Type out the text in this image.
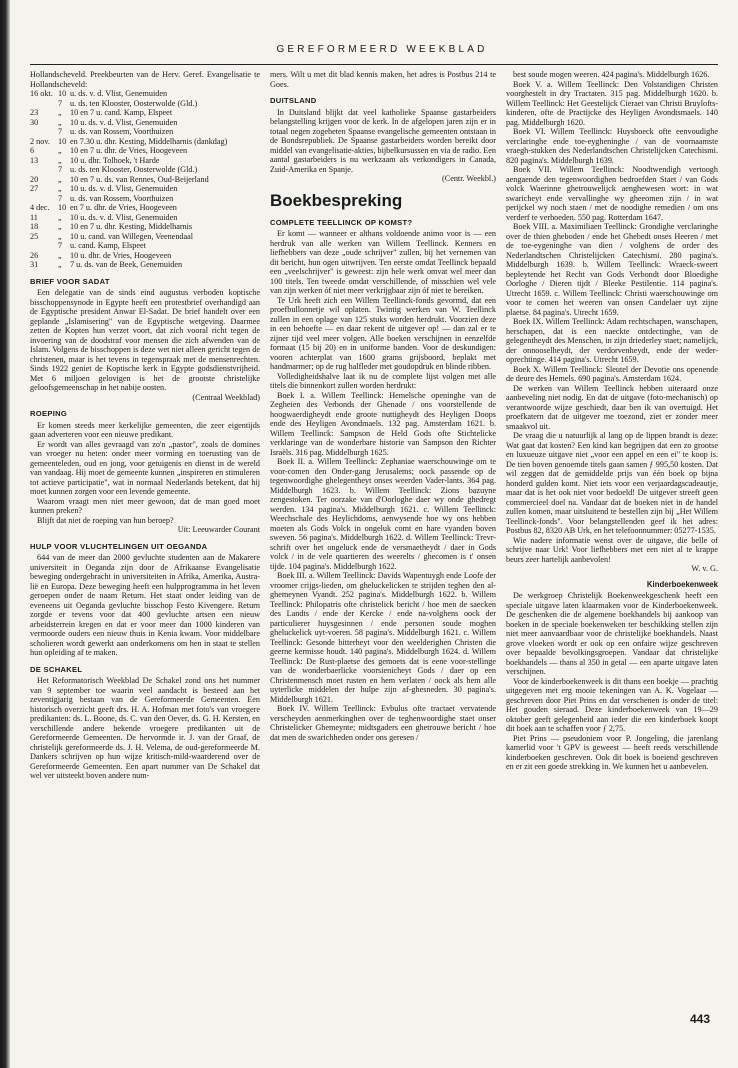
GEREFORMEERD WEEKBLAD

Hollandscheveld. Preekbeurten van de Herv. Geref. Evangelisatie te Hollandscheveld:

16 okt.	10	u. ds. v. d. Vlist, Genemuiden
	7	u. ds. ten Klooster, Oosterwolde (Gld.)
23	„	10 en 7 u. cand. Kamp, Elspeet
30	„	10 u. ds. v. d. Vlist, Genemuiden
	7	u. ds. van Rossem, Voorthuizen
2 nov.	10	en 7.30 u. dhr. Kesting, Middelharnis (dankdag)
6	„	10 en 7 u. dhr. de Vries, Hoogeveen
13	„	10 u. dhr. Tolhoek, 't Harde
	7	u. ds. ten Klooster, Oosterwolde (Gld.)
20	„	10 en 7 u. ds. van Rennes, Oud-Beijerland
27	„	10 u. ds. v. d. Vlist, Genemuiden
	7	u. ds. van Rossem, Voorthuizen
4 dec.	10	en 7 u. dhr. de Vries, Hoogeveen
11	„	10 u. ds. v. d. Vlist, Genemuiden
18	„	10 en 7 u. dhr. Kesting, Middelharnis
25	„	10 u. cand. van Willegen, Veenendaal
	7	u. cand. Kamp, Elspeet
26	„	10 u. dhr. de Vries, Hoogeveen
31	„	7 u. ds. van de Beek, Genemuiden
BRIEF VOOR SADAT

Een delegatie van de sinds eind augustus verboden koptische bisschoppensynode in Egypte heeft een protestbrief overhandigd aan de Egyptische president Anwar El-Sadat. De brief handelt over een geplande „Islamisering" van de Egyptische wetgeving. Daarmee zetten de Kopten hun verzet voort, dat zich vooral richt tegen de invoering van de doodstraf voor mensen die zich afwenden van de Islam. Volgens de bisschoppen is deze wet niet alleen gericht tegen de christenen, maar is het tevens in tegenspraak met de mensenrechten. Sinds 1922 geniet de Koptische kerk in Egypte godsdienstvrijheid. Met 6 miljoen gelovigen is het de grootste christelijke geloofsgemeenschap in het nabije oosten.

(Centraal Weekblad)

ROEPING

Er komen steeds meer kerkelijke gemeenten, die zeer eigentijds gaan adverteren voor een nieuwe predikant.

Er wordt van alles gevraagd van zo'n „pastor", zoals de domines van vroeger nu heten: onder meer vorming en toerusting van de gemeenteleden, oud en jong, voor getuigenis en dienst in de wereld van vandaag. Hij moet de gemeente kunnen „inspireren en stimuleren tot actieve participatie", wat in normaal Nederlands betekent, dat hij moet kunnen zorgen voor een levende gemeente.

Waarom vraagt men niet meer gewoon, dat de man goed moet kunnen preken?

Blijft dat niet de roeping van hun beroep?

Uit: Leeuwarder Courant

HULP VOOR VLUCHTELINGEN UIT OEGANDA

644 van de meer dan 2000 gevluchte studenten aan de Makarere universiteit in Oeganda zijn door de Afrikaanse Evangelisatie beweging ondergebracht in universiteiten in Afrika, Amerika, Australië en Europa. Deze beweging heeft een hulpprogramma in het leven geroepen onder de naam Return. Het staat onder leiding van de eveneens uit Oeganda gevluchte bisschop Festo Kivengere. Return zorgde er tevens voor dat 400 gevluchte artsen een nieuw arbeidsterrein kregen en dat er voor meer dan 1000 kinderen van vermoorde ouders een nieuw thuis in Kenia kwam. Voor middelbare scholieren wordt gewerkt aan onderkomens om hen in staat te stellen hun opleiding af te maken.

DE SCHAKEL

Het Reformatorisch Weekblad De Schakel zond ons het nummer van 9 september toe waarin veel aandacht is besteed aan het zeventigjarig bestaan van de Gereformeerde Gemeenten. Een historisch overzicht geeft drs. H. A. Hofman met foto's van vroegere predikanten: ds. L. Boone, ds. C. van den Oever, ds. G. H. Kersten, en verschillende andere bekende vroegere predikanten uit de Gereformeerde Gemeenten. De hervormde ir. J. van der Graaf, de christelijk gereformeerde ds. J. H. Velema, de oud-gereformeerde M. Dankers schrijven op hun wijze kritisch-mild-waarderend over de Gereformeerde Gemeenten. Een apart nummer van De Schakel dat wel ver uitsteekt boven andere num-

mers. Wilt u met dit blad kennis maken, het adres is Postbus 214 te Goes.

DUITSLAND

In Duitsland blijkt dat veel katholieke Spaanse gastarbeiders belangstelling krijgen voor de kerk. In de afgelopen jaren zijn er in totaal negen zogeheten Spaanse evangelische gemeenten ontstaan in de Bondsrepubliek. De Spaanse gastarbeiders worden bereikt door middel van evangelisatie-akties, bijbelkursussen en via de radio. Een aantal gastarbeiders is nu werkzaam als verkondigers in Canada, Zuid-Amerika en Spanje.

(Centr. Weekbl.)

Boekbespreking
COMPLETE TEELLINCK OP KOMST?

Er komt — wanneer er althans voldoende animo voor is — een herdruk van alle werken van Willem Teellinck. Kenners en liefhebbers van deze „oude schrijver" zullen, bij het vernemen van dit bericht, hun ogen uitwrijven. Ten eerste omdat Teellinck bepaald een „veelschrijver" is geweest: zijn hele werk omvat wel meer dan 100 titels. Ten tweede omdat verschillende, of misschien wel vele van zijn werken óf niet meer verkrijgbaar zijn óf niet te bereiken.

Te Urk heeft zich een Willem Teellinck-fonds gevormd, dat een proefbullonnetje wil oplaten. Twintig werken van W. Teellinck zullen in een oplage van 125 stuks worden herdrukt. Voorzien deze in een behoefte — en daar rekent de uitgever op! — dan zal er te zijner tijd veel meer volgen. Alle boeken verschijnen in eenzelfde formaat (15 bij 20) en in uniforme banden. Voor de deskundigen: vooren achterplat van 1600 grams grijsboord, beplakt met handmarmer; op de rug halfleder met goudopdruk en blinde ribben.

Volledigheidshalve laat ik nu de complete lijst volgen met alle titels die binnenkort zullen worden herdrukt:

Boek I. a. Willem Teellinck: Hemelsche openinghe van de Zegheien des Verbonds der Ghenade / ons voorstellende de hoogwaerdigheydt ende groote nuttigheydt des Heyligen Doops ende des Heyligen Avondmaels. 132 pag. Amsterdam 1621. b. Willem Teellinck: Sampson de Held Gods ofte Stichtelicke verklaringe van de wonderbare historie van Sampson den Richter Israëls. 316 pag. Middelburgh 1625.

Boek II. a. Willem Teellinck: Zephaniae waerschouwinge om te voor-comen den Onder-gang Jerusalems; oock passende op de tegenwoordighe ghelegentheyt onses weerden Vader-lants. 364 pag. Middelburgh 1623. b. Willem Teellinck: Zions bazuyne zengestoken. Ter oorzake van d'Oorloghe daer wy onde ghedregt werden. 134 pagina's. Middelburgh 1621. c. Willem Teellinck: Weechschale des Heylichdoms, aenwysende hoe wy ons hebben moeten als Gods Volck in ongeluk comt en hare vyanden boven sweven. 56 pagina's. Middelburgh 1622. d. Willem Teellinck: Trevr-schrift over het ongeluck ende de versmaetheydt / daer in Gods volck / in de vele quartieren des weerelts / ghecomen is t' onsen tijde. 104 pagina's. Middelburgh 1622.

Boek III. a. Willem Teellinck: Davids Wapentuygh ende Loofe der vroomer crijgs-lieden, om gheluckelicken te strijden teghen den al-ghemeynen Vyandt. 252 pagina's. Middelburgh 1622. b. Willem Teellinck: Philopatris ofte christelick bericht / hoe men de saecken des Landts / ende der Kercke / ende na-volghens oock der particulierer huysgesinnen / ende personen soude moghen gheluckelick uyt-voeren. 58 pagina's. Middelburgh 1621. c. Willem Teellinck: Gesonde bitterheyt voor den weelderighen Christen die geerne kermisse houdt. 140 pagina's. Middelburgh 1624. d. Willem Teellinck: De Rust-plaetse des gemoets dat is eene voor-stellinge van de wonderbaerlicke voorsienicheyt Gods / daer op een Christenmensch moet rusten en hem verlaten / oock als hem alle uyterlicke middelen der hulpe zijn af-ghesneden. 30 pagina's. Middelburgh 1621.

Boek IV. Willem Teellinck: Evbulus ofte tractaet vervatende verscheyden aenmerkinghen over de teghenwoordighe staet onser Christelicker Ghemeynte; midtsgaders een ghetrouwe bericht / hoe dat men de swarichheden onder ons geresen /

best soude mogen weeren. 424 pagina's. Middelburgh 1626.

Boek V. a. Willem Teellinck: Den Volstandigen Christen voorghestelt in dry Tractaten. 315 pag. Middelburgh 1620. b. Willem Teellinck: Het Geestelijck Cieraet van Christi Bruylofts-kinderen, ofte de Practijcke des Heyligen Avondtsmaels. 140 pag. Middelburgh 1620.

Boek VI. Willem Teellinck: Huysboeck ofte eenvoudighe verclaringhe ende toe-eygheninghe / van de voornaamste vraegh-stukken des Nederlandtschen Christelijcken Catechismi. 820 pagina's. Middelburgh 1639.

Boek VII. Willem Teellinck: Noodtwendigh vertoogh aengaende den tegenwoordighen bedroefden Staet / van Gods volck Waerinne ghetrouwelijck aenghewesen wort: in wat swaricheyt ende vervallinghe wy gheeomen zijn / in wat perijckel wy noch staen / met de noodighe remedien / om ons verderf te verhoeden. 550 pag. Rotterdam 1647.

Boek VIII. a. Maximiliaen Teellinck: Grondighe verclaringhe over de thien gheboden / ende het Ghebedt onses Heeren / met de toe-eygeninghe van dien / volghens de order des Nederlandtschen Christelijcken Catechismi. 280 pagina's. Middelburgh 1639. b. Willem Teellinck: Wraeck-sweert bepleytende het Recht van Gods Verbondt door Bloedighe Oorloghe / Dieren tijdt / Bleeke Pestilentie. 114 pagina's. Utrecht 1659. c. Willem Teellinck: Christi waerschouwinge om voor te comen het weeren van onsen Candelaer uyt zijne plaetse. 84 pagina's. Utrecht 1659.

Boek IX. Willem Teellinck: Adam rechtschapen, wanschapen, herschapen, dat is een naeckte ontdectinghe, van de gelegentheydt des Menschen, in zijn driederley staet; namelijck, der onnooselheydt, der verdorvenheydt, ende der weder-oprechtinge. 414 pagina's. Utrecht 1659.

Boek X. Willem Teellinck: Sleutel der Devotie ons openende de deure des Hemels. 690 pagina's. Amsterdam 1624.

De werken van Willem Teellinck hebben uiteraard onze aanbeveling niet nodig. En dat de uitgave (foto-mechanisch) op verantwoorde wijze geschiedt, daar ben ik van overtuigd. Het proefkatern dat de uitgever me toezond, ziet er zonder meer smaakvol uit.

De vraag die u natuurlijk al lang op de lippen brandt is deze: Wat gaat dat kosten? Een kind kan begrijpen dat een zo grootse en luxueuze uitgave niet „voor een appel en een ei" te koop is. De tien boven genoemde titels gaan samen ƒ 995,50 kosten. Dat wil zeggen dat de gemiddelde prijs van één boek op bijna honderd gulden komt. Niet iets voor een verjaardagscadeautje, maar dat is het ook niet voor bedoeld! De uitgever streeft geen commercieel doel na. Vandaar dat de boeken niet in de handel zullen komen, maar uitsluitend te bestellen zijn bij „Het Willem Teellinck-fonds". Voor belangstellenden geef ik het adres: Postbus 82, 8320 AB Urk, en het telefoonnummer: 05277-1535.

Wie nadere informatie wenst over de uitgave, die belle of schrijve naar Urk! Voor liefhebbers met een niet al te krappe beurs zeer hartelijk aanbevolen!

W. v. G.

Kinderboekenweek

De werkgroep Christelijk Boekenweekgeschenk heeft een speciale uitgave laten klaarmaken voor de Kinderboekenweek. De geschenken die de algemene boekhandels bij aankoop van boeken in de speciale boekenweken ter beschikking stellen zijn niet meer aanvaardbaar voor de christelijke boekhandels. Naast grove vloeken wordt er ook op een onfaire wijze geschreven over bepaalde bevolkingsgroepen. Vandaar dat christelijke boekhandels — thans al 350 in getal — een aparte uitgave laten verschijnen.

Voor de kinderboekenweek is dit thans een boekje — prachtig uitgegeven met erg mooie tekeningen van A. K. Vogelaar — geschreven door Piet Prins en dat verschenen is onder de titel: Het gouden sieraad. Deze kinderboekenweek van 19—29 oktober geeft gelegenheid aan ieder die een kinderboek koopt dit boek aan te schaffen voor ƒ 2,75.

Piet Prins — pseudoniem voor P. Jongeling, die jarenlang kamerlid voor 't GPV is geweest — heeft reeds verschillende kinderboeken geschreven. Ook dit boek is boeiend geschreven en er zit een goede strekking in. We kunnen het u aanbevelen.

443
